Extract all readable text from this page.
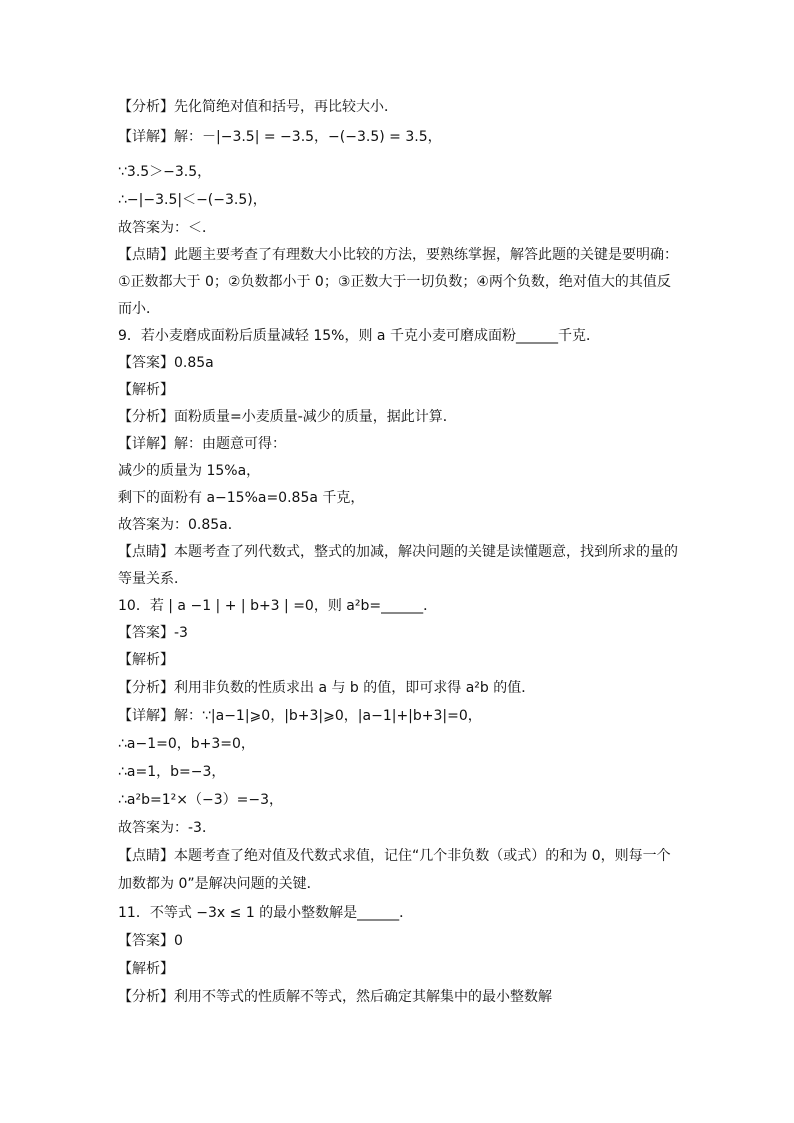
【分析】先化简绝对值和括号，再比较大小．
【详解】解：－|−3.5| = −3.5，−(−3.5) = 3.5，
∵3.5＞−3.5，
∴−|−3.5|＜−(−3.5)，
故答案为：＜．
【点睛】此题主要考查了有理数大小比较的方法，要熟练掌握，解答此题的关键是要明确：
①正数都大于 0；②负数都小于 0；③正数大于一切负数；④两个负数，绝对值大的其值反
而小．
9．若小麦磨成面粉后质量减轻 15%，则 a 千克小麦可磨成面粉______千克．
【答案】0.85a
【解析】
【分析】面粉质量=小麦质量-减少的质量，据此计算．
【详解】解：由题意可得：
减少的质量为 15%a，
剩下的面粉有 a−15%a=0.85a 千克，
故答案为：0.85a．
【点睛】本题考查了列代数式，整式的加减，解决问题的关键是读懂题意，找到所求的量的
等量关系．
10．若 | a −1 | + | b+3 | =0，则 a²b=______．
【答案】-3
【解析】
【分析】利用非负数的性质求出 a 与 b 的值，即可求得 a²b 的值．
【详解】解：∵|a−1|⩾0，|b+3|⩾0，|a−1|+|b+3|=0，
∴a−1=0，b+3=0，
∴a=1，b=−3，
∴a²b=1²×（−3）=−3，
故答案为：-3．
【点睛】本题考查了绝对值及代数式求值，记住“几个非负数（或式）的和为 0，则每一个
加数都为 0”是解决问题的关键．
11．不等式 −3x ≤ 1 的最小整数解是______．
【答案】0
【解析】
【分析】利用不等式的性质解不等式，然后确定其解集中的最小整数解
